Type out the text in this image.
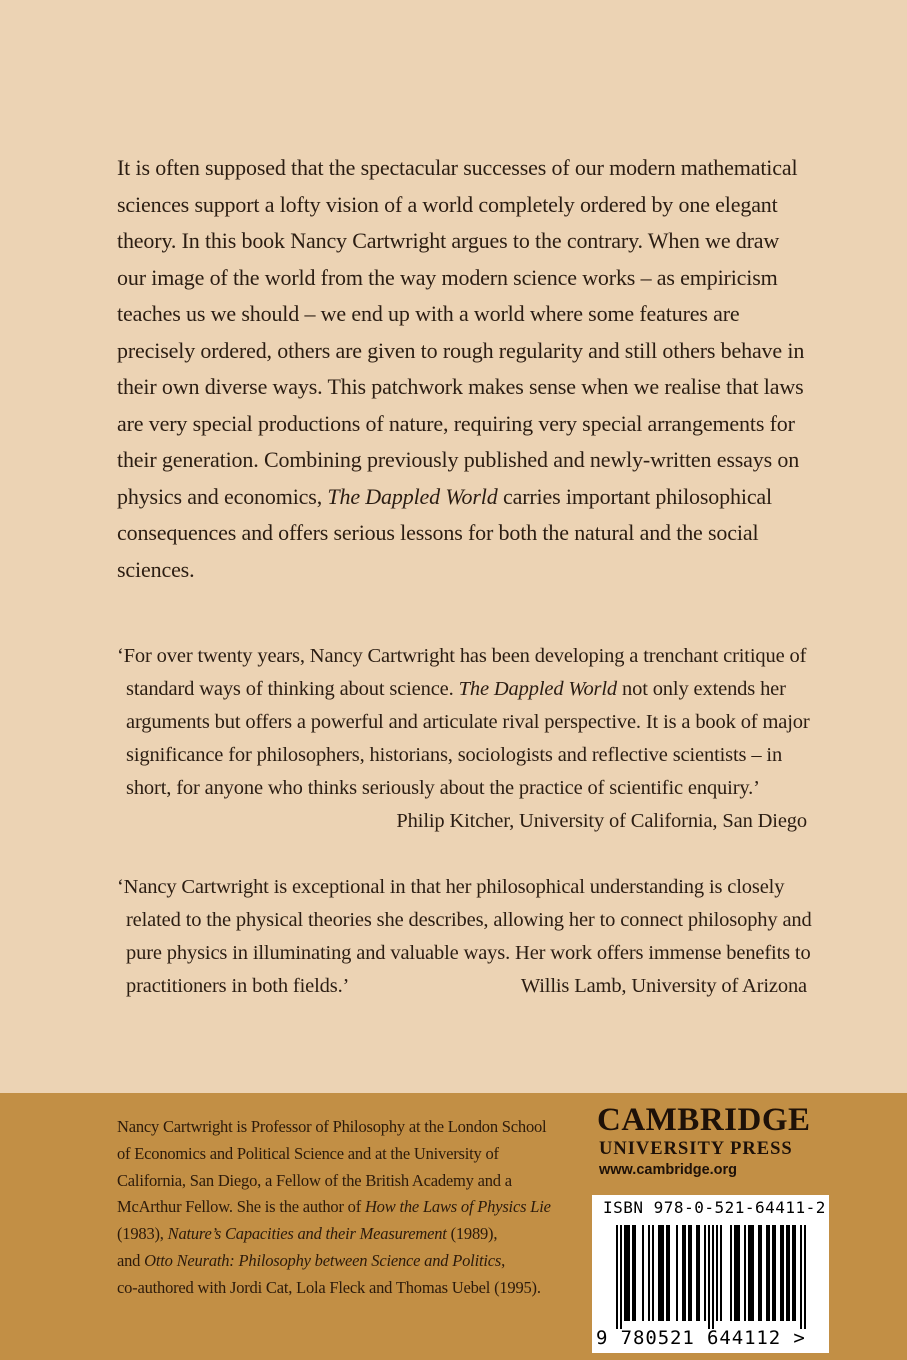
It is often supposed that the spectacular successes of our modern mathematical sciences support a lofty vision of a world completely ordered by one elegant theory. In this book Nancy Cartwright argues to the contrary. When we draw our image of the world from the way modern science works – as empiricism teaches us we should – we end up with a world where some features are precisely ordered, others are given to rough regularity and still others behave in their own diverse ways. This patchwork makes sense when we realise that laws are very special productions of nature, requiring very special arrangements for their generation. Combining previously published and newly-written essays on physics and economics, The Dappled World carries important philosophical consequences and offers serious lessons for both the natural and the social sciences.

‘For over twenty years, Nancy Cartwright has been developing a trenchant critique of
standard ways of thinking about science. The Dappled World not only extends her
arguments but offers a powerful and articulate rival perspective. It is a book of major
significance for philosophers, historians, sociologists and reflective scientists – in
short, for anyone who thinks seriously about the practice of scientific enquiry.’
Philip Kitcher, University of California, San Diego

‘Nancy Cartwright is exceptional in that her philosophical understanding is closely
related to the physical theories she describes, allowing her to connect philosophy and
pure physics in illuminating and valuable ways. Her work offers immense benefits to
practitioners in both fields.’	Willis Lamb, University of Arizona

Nancy Cartwright is Professor of Philosophy at the London School
of Economics and Political Science and at the University of
California, San Diego, a Fellow of the British Academy and a
McArthur Fellow. She is the author of How the Laws of Physics Lie
(1983), Nature’s Capacities and their Measurement (1989),
and Otto Neurath: Philosophy between Science and Politics,
co-authored with Jordi Cat, Lola Fleck and Thomas Uebel (1995).
CAMBRIDGE
UNIVERSITY PRESS
www.cambridge.org
ISBN 978-0-521-64411-2
9 780521 644112 >
